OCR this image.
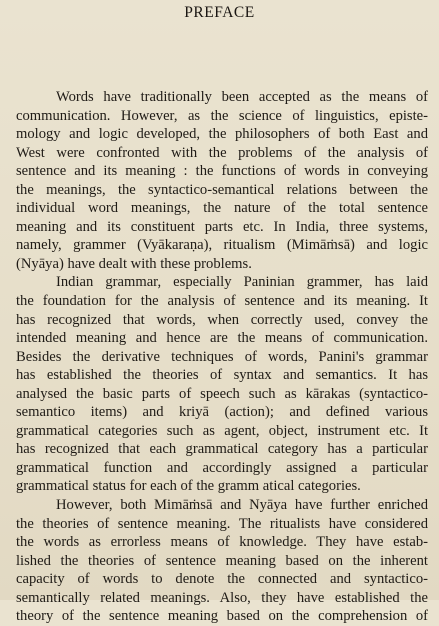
PREFACE
Words have traditionally been accepted as the means of
communication. However, as the science of linguistics, episte-
mology and logic developed, the philosophers of both East and
West were confronted with the problems of the analysis of
sentence and its meaning : the functions of words in conveying
the meanings, the syntactico-semantical relations between the
individual word meanings, the nature of the total sentence
meaning and its constituent parts etc. In India, three systems,
namely, grammer (Vyākaraṇa), ritualism (Mimāṁsā) and logic
(Nyāya) have dealt with these problems.
Indian grammar, especially Paninian grammer, has laid
the foundation for the analysis of sentence and its meaning. It
has recognized that words, when correctly used, convey the
intended meaning and hence are the means of communication.
Besides the derivative techniques of words, Panini's grammar
has established the theories of syntax and semantics. It has
analysed the basic parts of speech such as kārakas (syntactico-
semantico items) and kriyā (action); and defined various
grammatical categories such as agent, object, instrument etc. It
has recognized that each grammatical category has a particular
grammatical function and accordingly assigned a particular
grammatical status for each of the gramm atical categories.
However, both Mimāṁsā and Nyāya have further enriched
the theories of sentence meaning. The ritualists have considered
the words as errorless means of knowledge. They have estab-
lished the theories of sentence meaning based on the inherent
capacity of words to denote the connected and syntactico-
semantically related meanings. Also, they have established the
theory of the sentence meaning based on the comprehension of
